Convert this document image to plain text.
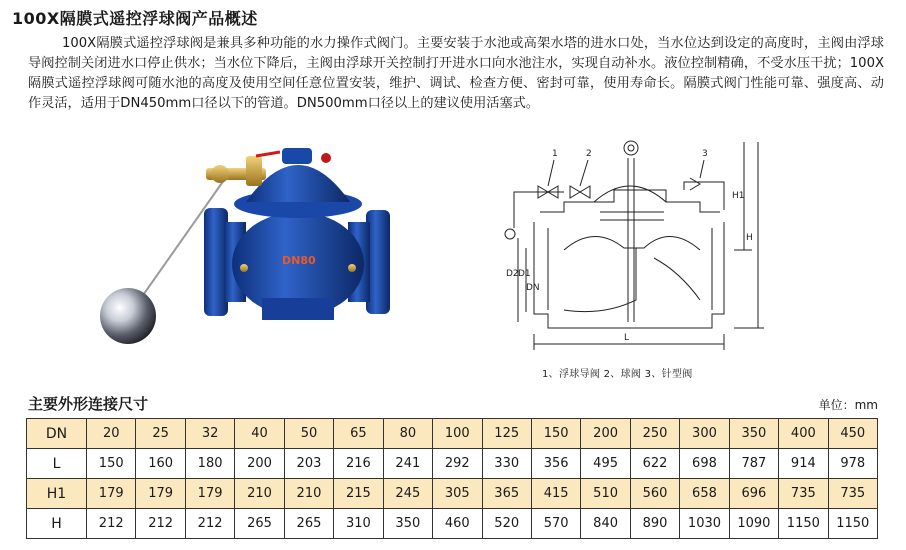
100X隔膜式遥控浮球阀产品概述

100X隔膜式遥控浮球阀是兼具多种功能的水力操作式阀门。主要安装于水池或高架水塔的进水口处，当水位达到设定的高度时，主阀由浮球导阀控制关闭进水口停止供水；当水位下降后，主阀由浮球开关控制打开进水口向水池注水，实现自动补水。液位控制精确，不受水压干扰；100X隔膜式遥控浮球阀可随水池的高度及使用空间任意位置安装，维护、调试、检查方便、密封可靠，使用寿命长。隔膜式阀门性能可靠、强度高、动作灵活，适用于DN450mm口径以下的管道。DN500mm口径以上的建议使用活塞式。

DN80
1	2	3
H1
H
L
D2 D1
DN
1、浮球导阀 2、球阀 3、针型阀
主要外形连接尺寸	单位：mm
DN	20	25	32	40	50	65	80	100	125	150	200	250	300	350	400	450
L	150	160	180	200	203	216	241	292	330	356	495	622	698	787	914	978
H1	179	179	179	210	210	215	245	305	365	415	510	560	658	696	735	735
H	212	212	212	265	265	310	350	460	520	570	840	890	1030	1090	1150	1150
